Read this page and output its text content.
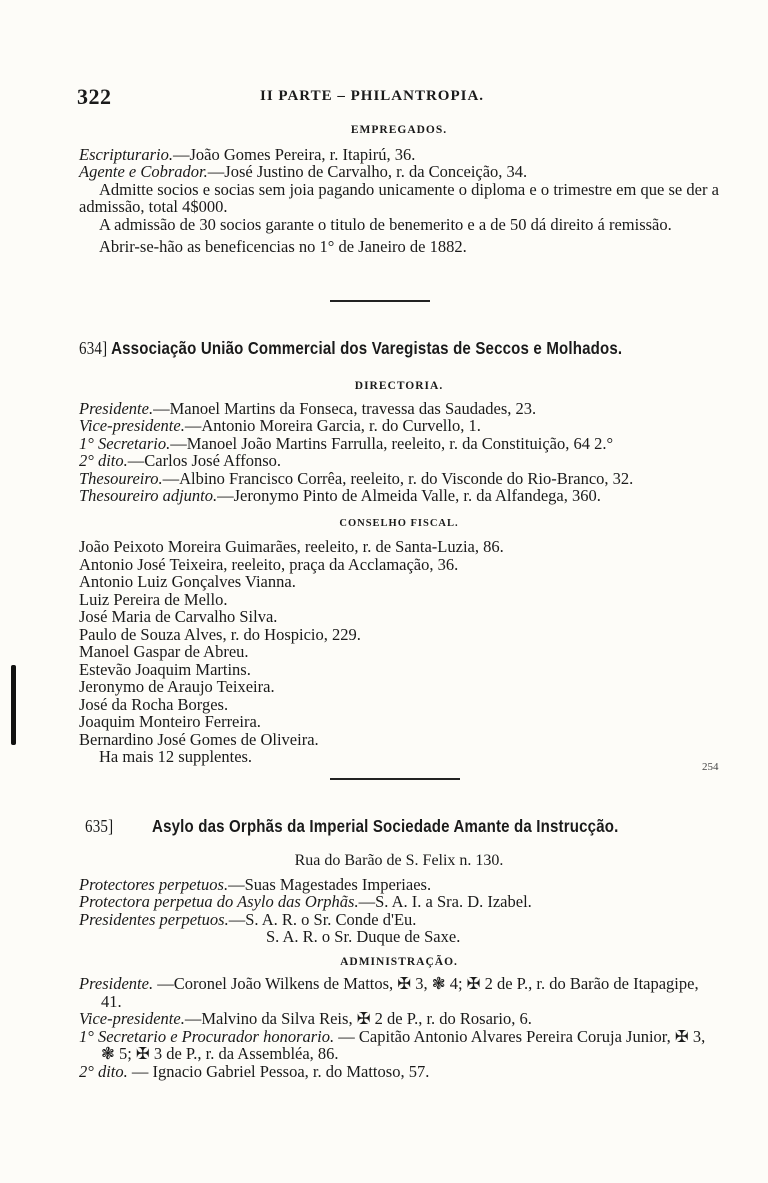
322	II PARTE – PHILANTROPIA.
EMPREGADOS.
Escripturario.—João Gomes Pereira, r. Itapirú, 36.
Agente e Cobrador.—José Justino de Carvalho, r. da Conceição, 34.
Admitte socios e socias sem joia pagando unicamente o diploma e o trimestre em que se der a admissão, total 4$000.
A admissão de 30 socios garante o titulo de benemerito e a de 50 dá direito á remissão.
Abrir-se-hão as beneficencias no 1° de Janeiro de 1882.
634] Associação União Commercial dos Varegistas de Seccos e Molhados.
DIRECTORIA.
Presidente.—Manoel Martins da Fonseca, travessa das Saudades, 23.
Vice-presidente.—Antonio Moreira Garcia, r. do Curvello, 1.
1° Secretario.—Manoel João Martins Farrulla, reeleito, r. da Constituição, 64 2.°
2° dito.—Carlos José Affonso.
Thesoureiro.—Albino Francisco Corrêa, reeleito, r. do Visconde do Rio-Branco, 32.
Thesoureiro adjunto.—Jeronymo Pinto de Almeida Valle, r. da Alfandega, 360.
CONSELHO FISCAL.
João Peixoto Moreira Guimarães, reeleito, r. de Santa-Luzia, 86.
Antonio José Teixeira, reeleito, praça da Acclamação, 36.
Antonio Luiz Gonçalves Vianna.
Luiz Pereira de Mello.
José Maria de Carvalho Silva.
Paulo de Souza Alves, r. do Hospicio, 229.
Manoel Gaspar de Abreu.
Estevão Joaquim Martins.
Jeronymo de Araujo Teixeira.
José da Rocha Borges.
Joaquim Monteiro Ferreira.
Bernardino José Gomes de Oliveira.
Ha mais 12 supplentes.
254
635] Asylo das Orphãs da Imperial Sociedade Amante da Instrucção.
Rua do Barão de S. Felix n. 130.
Protectores perpetuos.—Suas Magestades Imperiaes.
Protectora perpetua do Asylo das Orphãs.—S. A. I. a Sra. D. Izabel.
Presidentes perpetuos.—S. A. R. o Sr. Conde d'Eu.
S. A. R. o Sr. Duque de Saxe.
ADMINISTRAÇÃO.
Presidente. —Coronel João Wilkens de Mattos, ✠ 3, ❃ 4; ✠ 2 de P., r. do Barão de Itapagipe, 41.
Vice-presidente.—Malvino da Silva Reis, ✠ 2 de P., r. do Rosario, 6.
1° Secretario e Procurador honorario. — Capitão Antonio Alvares Pereira Coruja Junior, ✠ 3, ❃ 5; ✠ 3 de P., r. da Assembléa, 86.
2° dito. — Ignacio Gabriel Pessoa, r. do Mattoso, 57.
